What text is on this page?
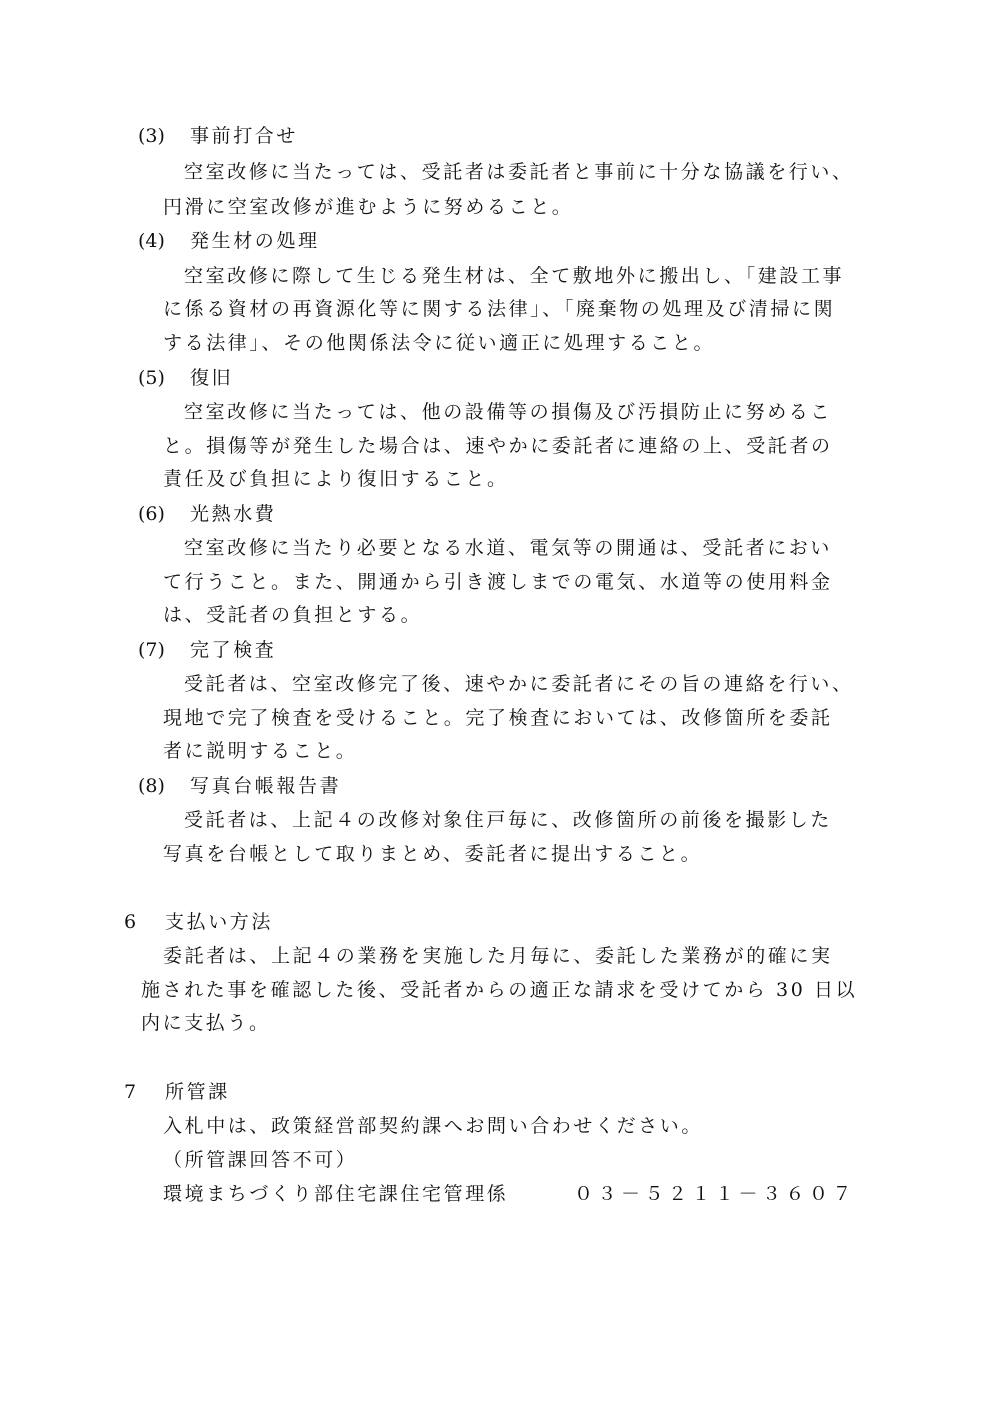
(3) 事前打合せ
空室改修に当たっては、受託者は委託者と事前に十分な協議を行い、
円滑に空室改修が進むように努めること。
(4) 発生材の処理
空室改修に際して生じる発生材は、全て敷地外に搬出し、「建設工事
に係る資材の再資源化等に関する法律」、「廃棄物の処理及び清掃に関
する法律」、その他関係法令に従い適正に処理すること。
(5) 復旧
空室改修に当たっては、他の設備等の損傷及び汚損防止に努めるこ
と。損傷等が発生した場合は、速やかに委託者に連絡の上、受託者の
責任及び負担により復旧すること。
(6) 光熱水費
空室改修に当たり必要となる水道、電気等の開通は、受託者におい
て行うこと。また、開通から引き渡しまでの電気、水道等の使用料金
は、受託者の負担とする。
(7) 完了検査
受託者は、空室改修完了後、速やかに委託者にその旨の連絡を行い、
現地で完了検査を受けること。完了検査においては、改修箇所を委託
者に説明すること。
(8) 写真台帳報告書
受託者は、上記４の改修対象住戸毎に、改修箇所の前後を撮影した
写真を台帳として取りまとめ、委託者に提出すること。
6 支払い方法
委託者は、上記４の業務を実施した月毎に、委託した業務が的確に実
施された事を確認した後、受託者からの適正な請求を受けてから 30 日以
内に支払う。
7 所管課
入札中は、政策経営部契約課へお問い合わせください。
（所管課回答不可）
環境まちづくり部住宅課住宅管理係	０３－５２１１－３６０７
